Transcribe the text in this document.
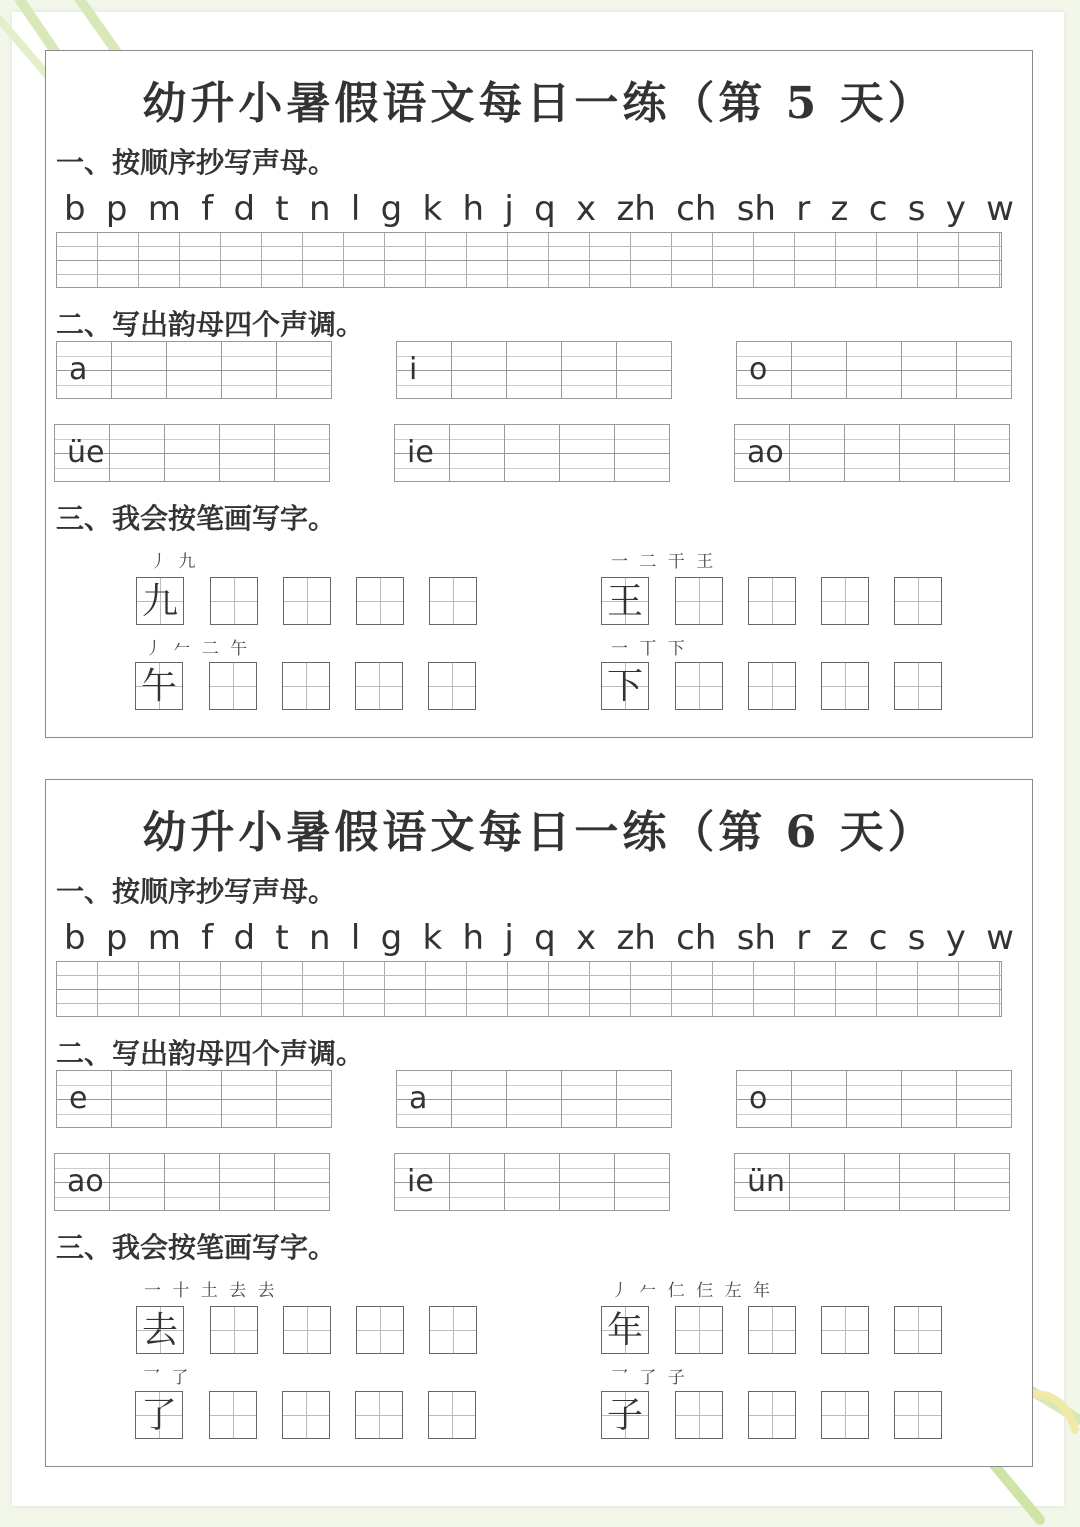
幼升小暑假语文每日一练（第 5 天）
一、按顺序抄写声母。
b p m f d t n l g k h j q x zh ch sh r z c s y w
二、写出韵母四个声调。
a	i	o
üe	ie	ao
三、我会按笔画写字。
丿 九
九
一 二 干 王
王
丿 𠂉 二 午
午
一 丅 下
下
幼升小暑假语文每日一练（第 6 天）
一、按顺序抄写声母。
b p m f d t n l g k h j q x zh ch sh r z c s y w
二、写出韵母四个声调。
e	a	o
ao	ie	ün
三、我会按笔画写字。
一 十 土 去 去
去
丿 𠂉 仁 仨 左 年
年
乛 了
了
乛 了 子
子
